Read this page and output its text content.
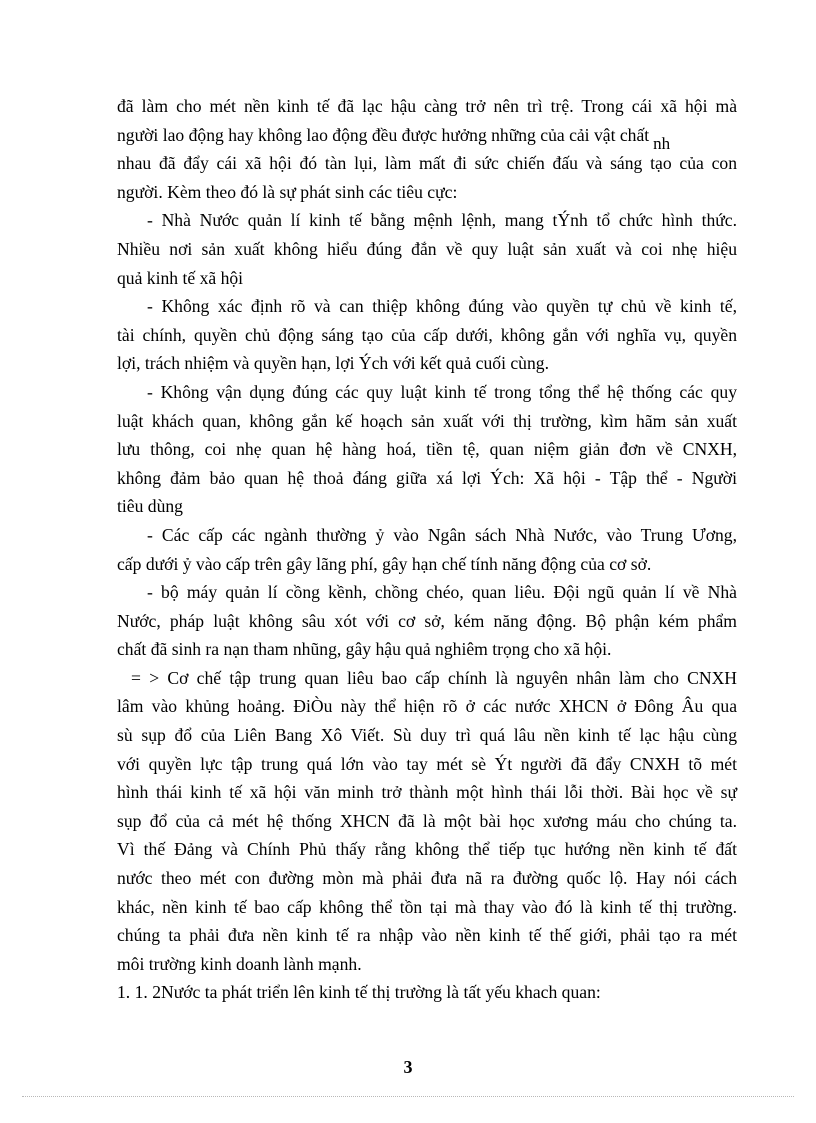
đã làm cho mét nền kinh tế đã lạc hậu càng trở nên trì trệ. Trong cái xã hội mà
người lao động hay không lao động đều được hưởng những của cải vật chất nh
nhau đã đẩy cái xã hội đó tàn lụi, làm mất đi sức chiến đấu và sáng tạo của con
người. Kèm theo đó là sự phát sinh các tiêu cực:
- Nhà Nước quản lí kinh tế bằng mệnh lệnh, mang tÝnh tổ chức hình thức.
Nhiều nơi sản xuất không hiểu đúng đắn về quy luật sản xuất và coi nhẹ hiệu
quả kinh tế xã hội
- Không xác định rõ và can thiệp không đúng vào quyền tự chủ về kinh tế,
tài chính, quyền chủ động sáng tạo của cấp dưới, không gắn với nghĩa vụ, quyền
lợi, trách nhiệm và quyền hạn, lợi Ých với kết quả cuối cùng.
- Không vận dụng đúng các quy luật kinh tế trong tổng thể hệ thống các quy
luật khách quan, không gắn kế hoạch sản xuất với thị trường, kìm hãm sản xuất
lưu thông, coi nhẹ quan hệ hàng hoá, tiền tệ, quan niệm giản đơn về CNXH,
không đảm bảo quan hệ thoả đáng giữa xá lợi Ých: Xã hội - Tập thể - Người
tiêu dùng
- Các cấp các ngành thường ỷ vào Ngân sách Nhà Nước, vào Trung Ương,
cấp dưới ỷ vào cấp trên gây lãng phí, gây hạn chế tính năng động của cơ sở.
- bộ máy quản lí cồng kềnh, chồng chéo, quan liêu. Đội ngũ quản lí về Nhà
Nước, pháp luật không sâu xót với cơ sở, kém năng động. Bộ phận kém phẩm
chất đã sinh ra nạn tham nhũng, gây hậu quả nghiêm trọng cho xã hội.
= > Cơ chế tập trung quan liêu bao cấp chính là nguyên nhân làm cho CNXH
lâm vào khủng hoảng. ĐiÒu này thể hiện rõ ở các nước XHCN ở Đông Âu qua
sù sụp đổ của Liên Bang Xô Viết. Sù duy trì quá lâu nền kinh tế lạc hậu cùng
với quyền lực tập trung quá lớn vào tay mét sè Ýt người đã đẩy CNXH tõ mét
hình thái kinh tế xã hội văn minh trở thành một hình thái lỗi thời. Bài học về sự
sụp đổ của cả mét hệ thống XHCN đã là một bài học xương máu cho chúng ta.
Vì thế Đảng và Chính Phủ thấy rằng không thể tiếp tục hướng nền kinh tế đất
nước theo mét con đường mòn mà phải đưa nã ra đường quốc lộ. Hay nói cách
khác, nền kinh tế bao cấp không thể tồn tại mà thay vào đó là kinh tế thị trường.
chúng ta phải đưa nền kinh tế ra nhập vào nền kinh tế thế giới, phải tạo ra mét
môi trường kinh doanh lành mạnh.
1. 1. 2Nước ta phát triển lên kinh tế thị trường là tất yếu khach quan:
3
